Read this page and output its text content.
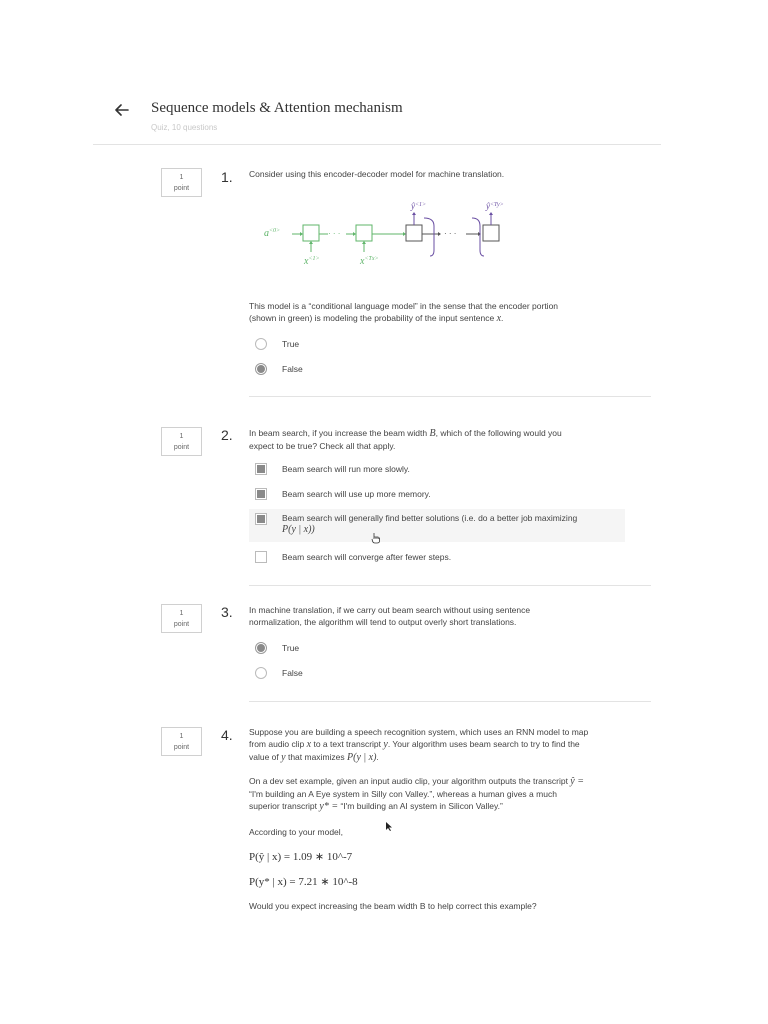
Sequence models & Attention mechanism
Quiz, 10 questions
1
point
1. Consider using this encoder-decoder model for machine translation.
$a^{<0>}$	· · ·
$x^{<1>}$	$x^{<Tx>}$
$ŷ^{<1>}$
· · ·
$ŷ^{<Ty>}$
This model is a “conditional language model” in the sense that the encoder portion
(shown in green) is modeling the probability of the input sentence x.
True
False
1
point
2. In beam search, if you increase the beam width B, which of the following would you
expect to be true? Check all that apply.
Beam search will run more slowly.
Beam search will use up more memory.
Beam search will generally find better solutions (i.e. do a better job maximizing
P(y | x))
Beam search will converge after fewer steps.
1
point
3. In machine translation, if we carry out beam search without using sentence
normalization, the algorithm will tend to output overly short translations.
True
False
1
point
4. Suppose you are building a speech recognition system, which uses an RNN model to map
from audio clip x to a text transcript y. Your algorithm uses beam search to try to find the
value of y that maximizes P(y | x).
On a dev set example, given an input audio clip, your algorithm outputs the transcript ŷ =
“I'm building an A Eye system in Silly con Valley.”, whereas a human gives a much
superior transcript y* = “I'm building an AI system in Silicon Valley.”
According to your model,
P(ŷ | x) = 1.09 ∗ 10^-7
P(y* | x) = 7.21 ∗ 10^-8
Would you expect increasing the beam width B to help correct this example?
